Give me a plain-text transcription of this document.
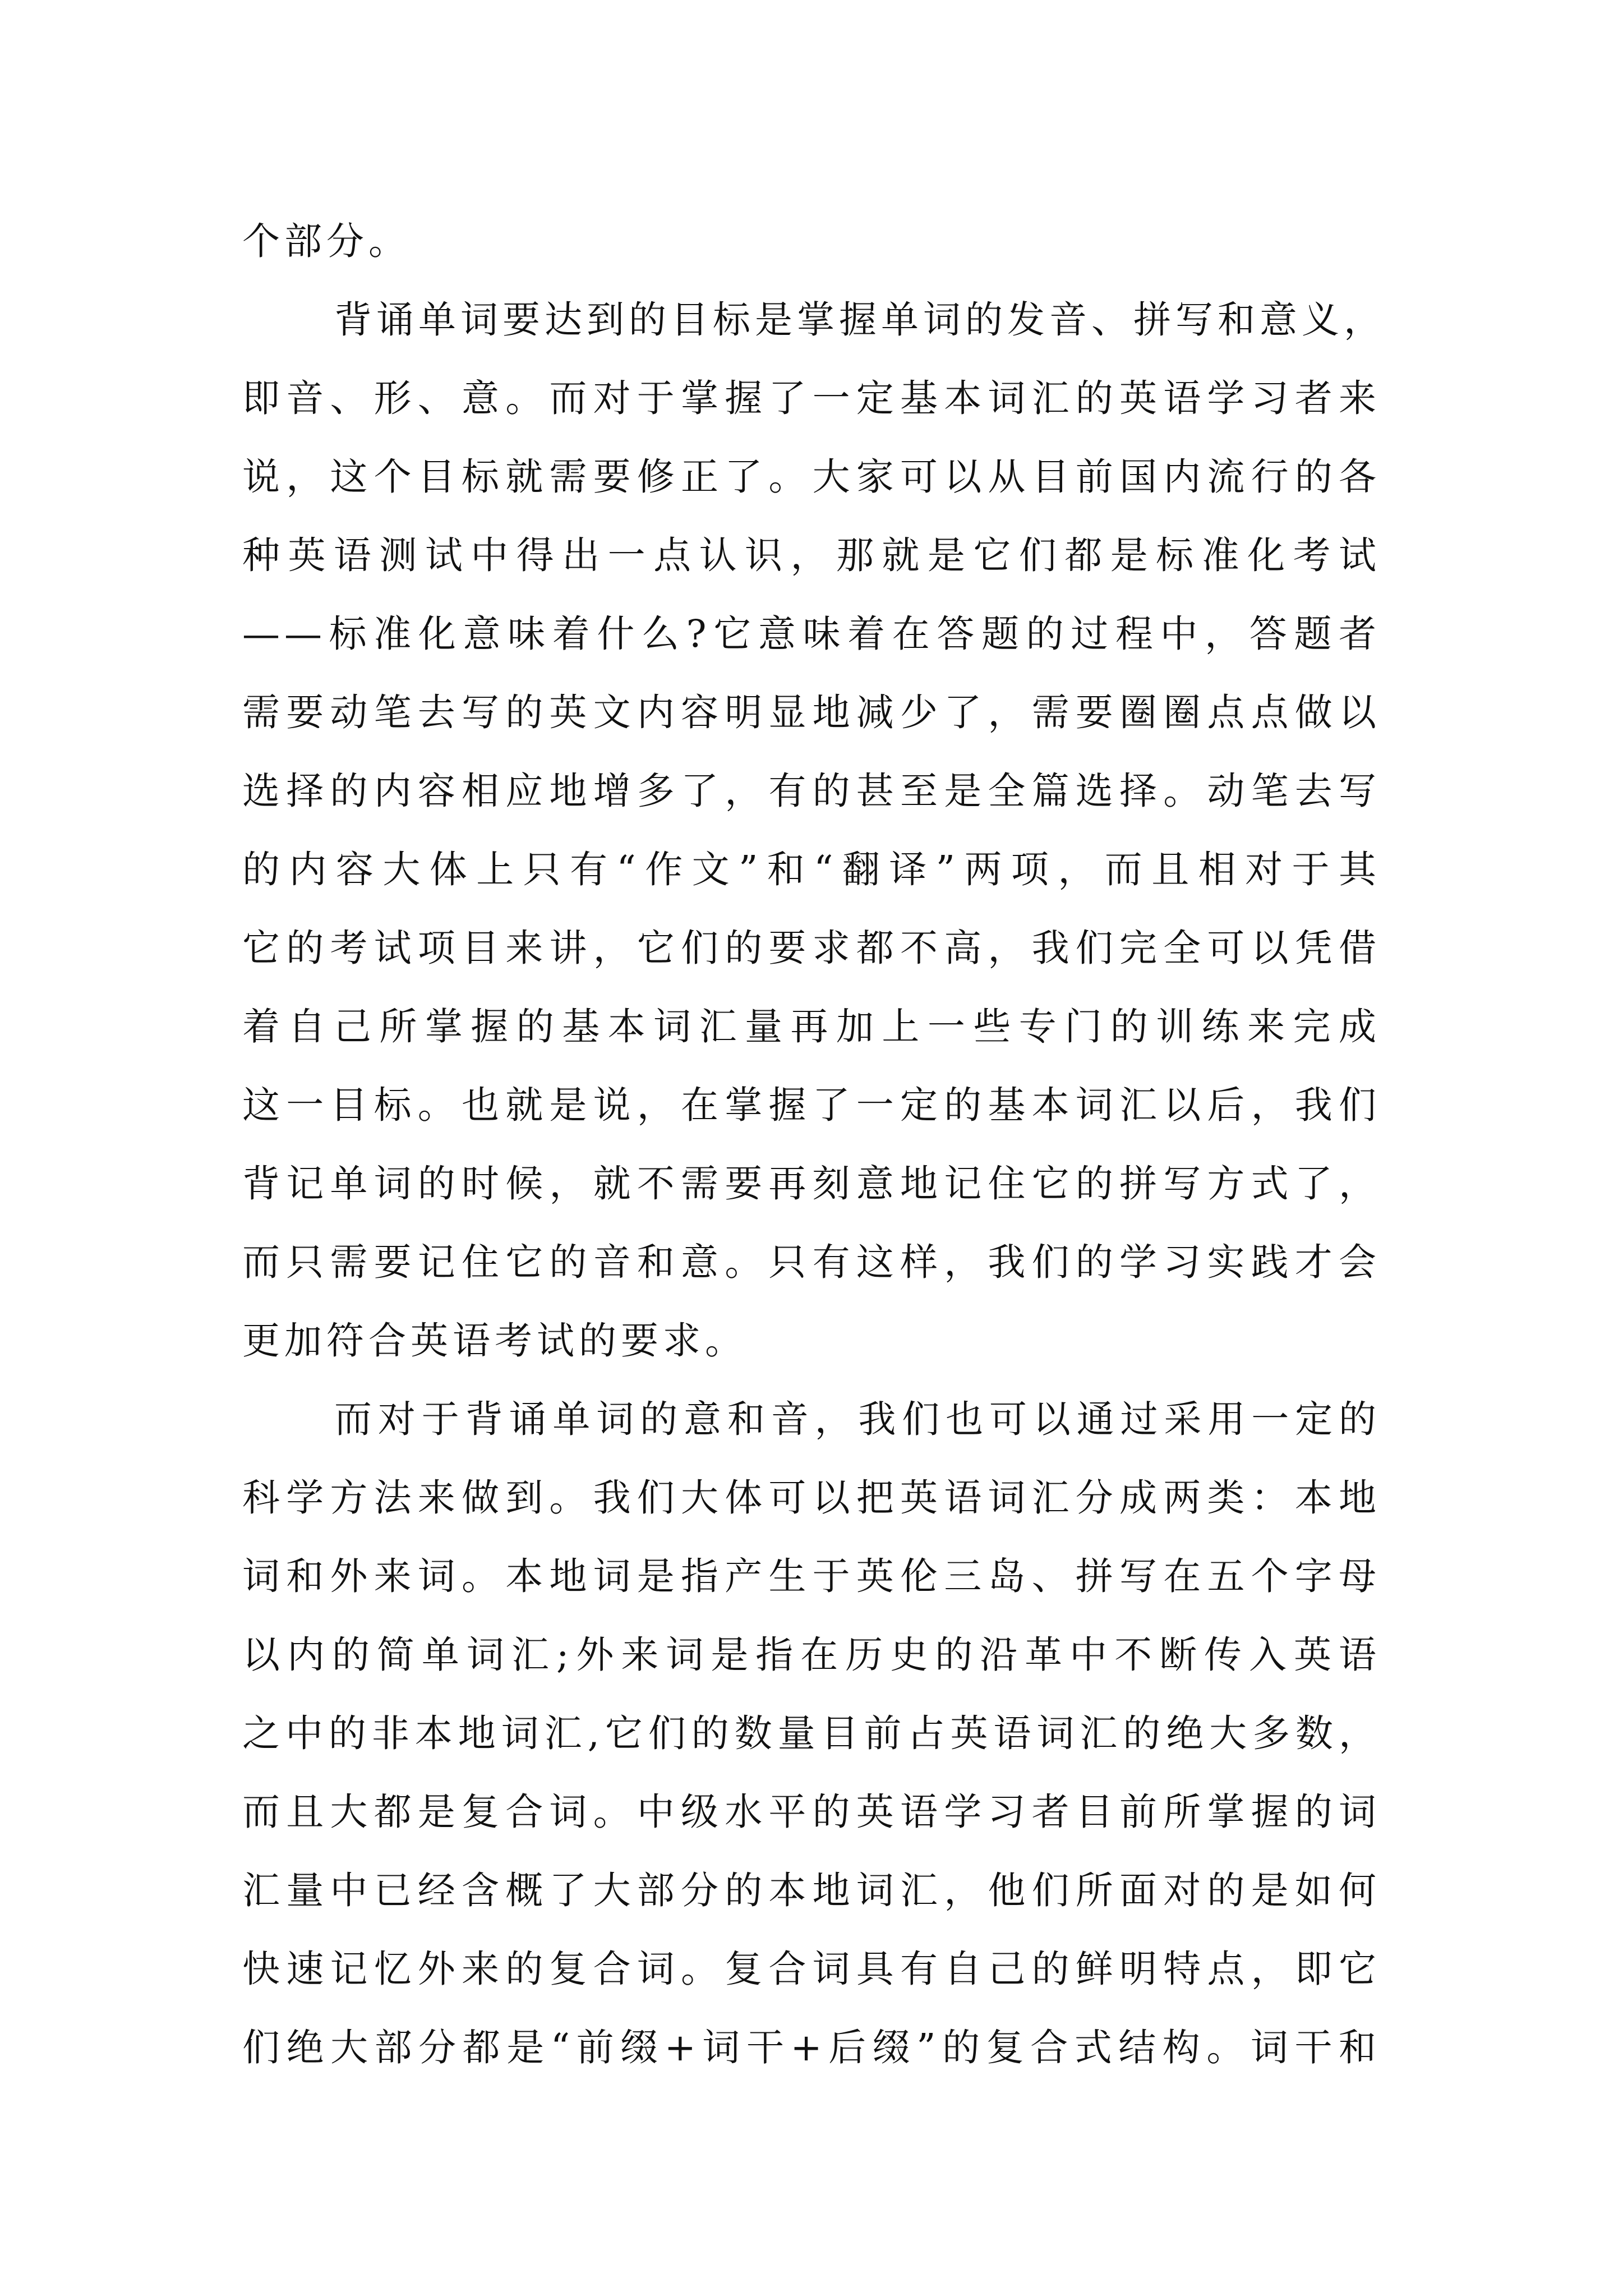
个部分。
背诵单词要达到的目标是掌握单词的发音、拼写和意义，
即音、形、意。而对于掌握了一定基本词汇的英语学习者来
说，这个目标就需要修正了。大家可以从目前国内流行的各
种英语测试中得出一点认识，那就是它们都是标准化考试
——标准化意味着什么?它意味着在答题的过程中，答题者
需要动笔去写的英文内容明显地减少了，需要圈圈点点做以
选择的内容相应地增多了，有的甚至是全篇选择。动笔去写
的内容大体上只有“作文”和“翻译”两项，而且相对于其
它的考试项目来讲，它们的要求都不高，我们完全可以凭借
着自己所掌握的基本词汇量再加上一些专门的训练来完成
这一目标。也就是说，在掌握了一定的基本词汇以后，我们
背记单词的时候，就不需要再刻意地记住它的拼写方式了，
而只需要记住它的音和意。只有这样，我们的学习实践才会
更加符合英语考试的要求。
而对于背诵单词的意和音，我们也可以通过采用一定的
科学方法来做到。我们大体可以把英语词汇分成两类：本地
词和外来词。本地词是指产生于英伦三岛、拼写在五个字母
以内的简单词汇;外来词是指在历史的沿革中不断传入英语
之中的非本地词汇,它们的数量目前占英语词汇的绝大多数，
而且大都是复合词。中级水平的英语学习者目前所掌握的词
汇量中已经含概了大部分的本地词汇，他们所面对的是如何
快速记忆外来的复合词。复合词具有自己的鲜明特点，即它
们绝大部分都是“前缀+词干+后缀”的复合式结构。词干和
